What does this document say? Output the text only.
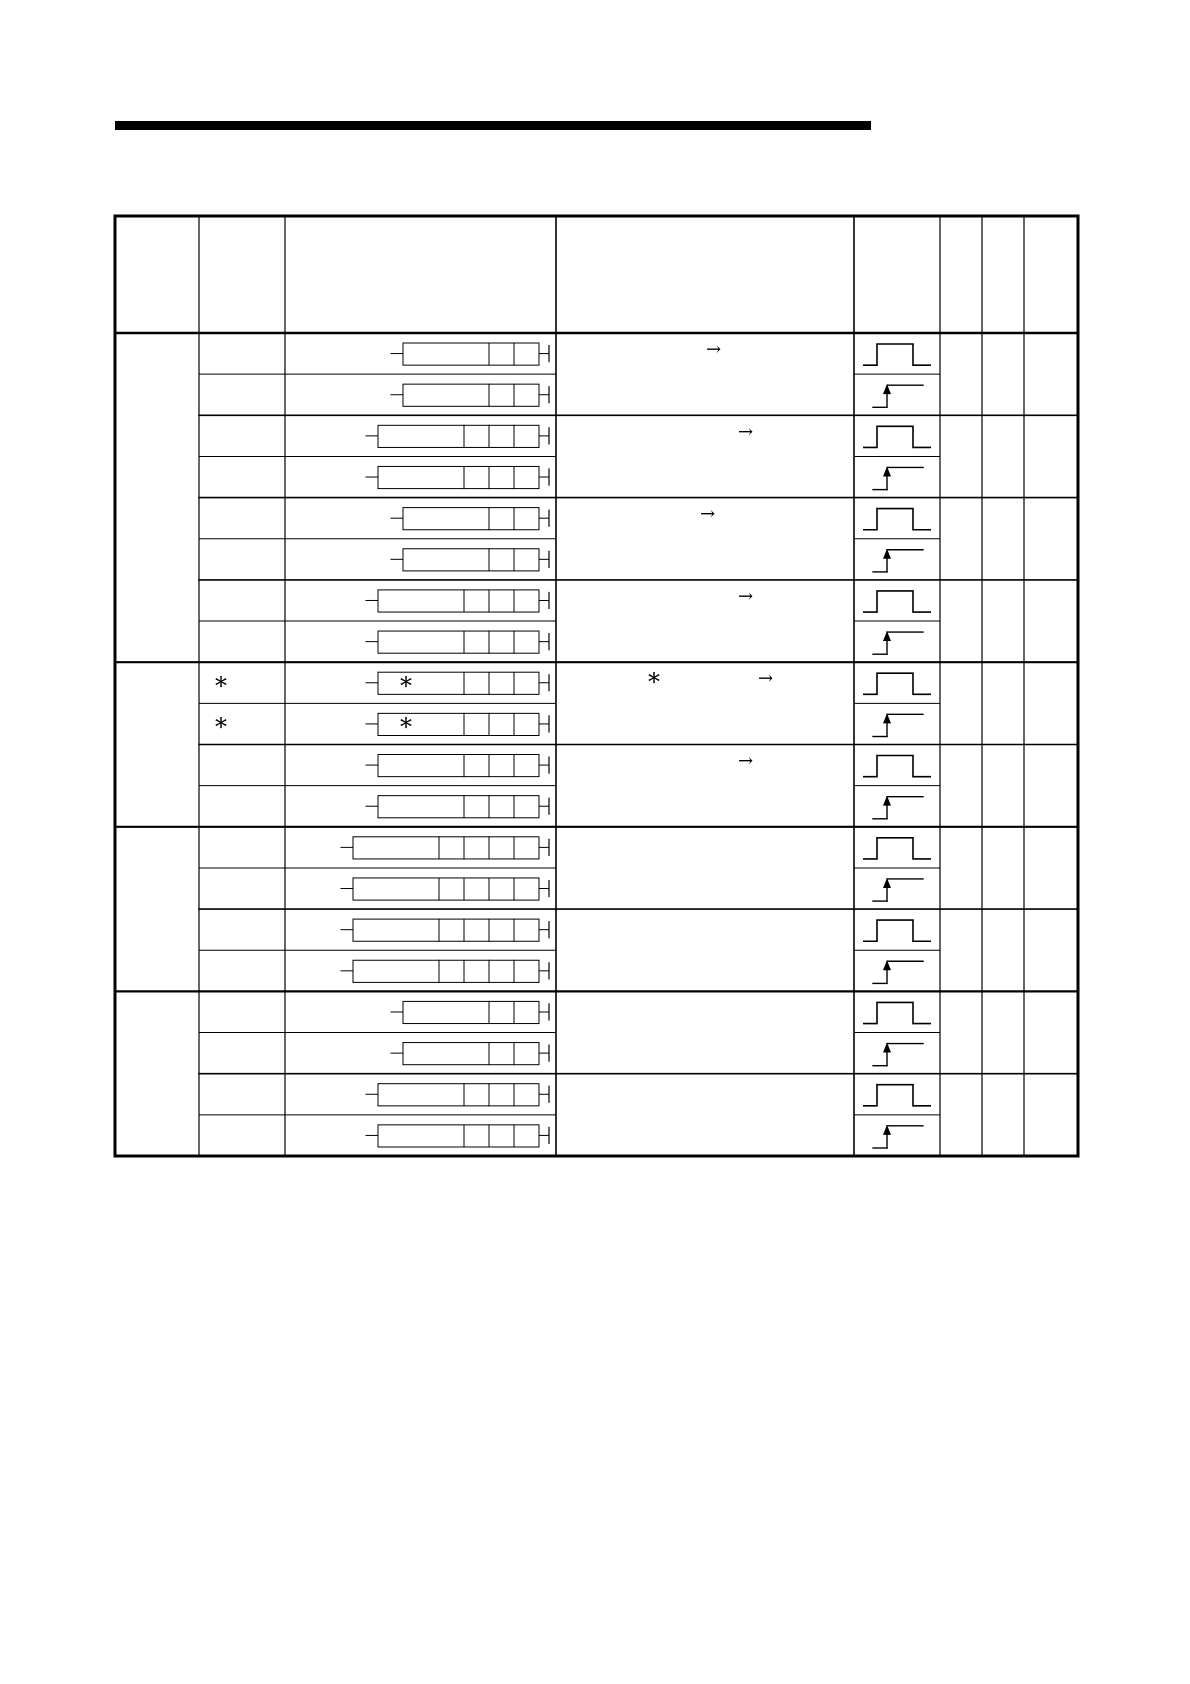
*
*
*
*
→
→
→
→
*	→
→
